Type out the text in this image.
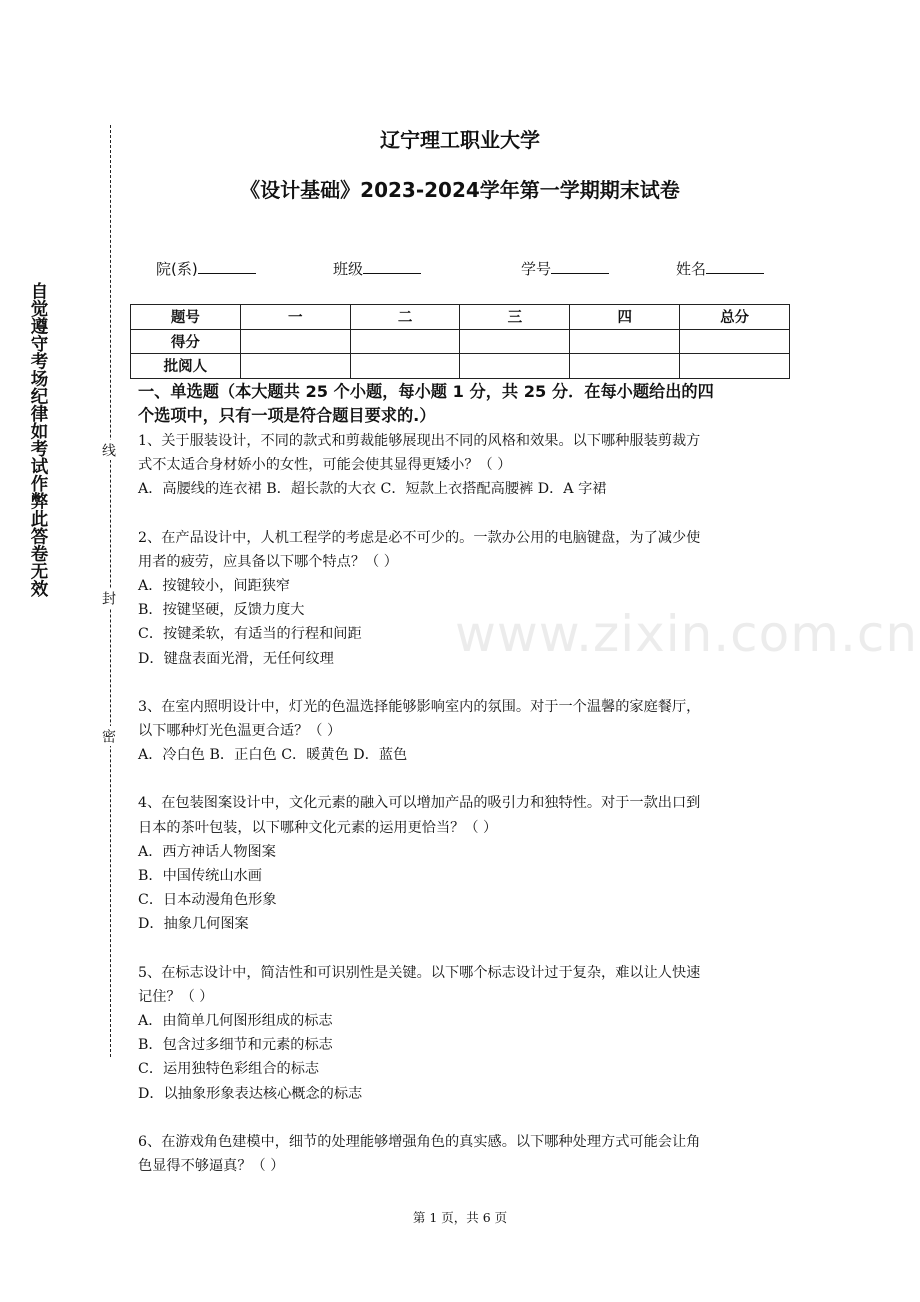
自觉遵守考场纪律如考试作弊此答卷无效	线
封
密
辽宁理工职业大学
《设计基础》2023-2024学年第一学期期末试卷
院(系)	班级	学号	姓名
题号	一	二	三	四	总分
得分					
批阅人					
www.zixin.com.cn

一、单选题（本大题共 25 个小题，每小题 1 分，共 25 分．在每小题给出的四

个选项中，只有一项是符合题目要求的.）

1、关于服装设计，不同的款式和剪裁能够展现出不同的风格和效果。以下哪种服装剪裁方

式不太适合身材娇小的女性，可能会使其显得更矮小？（ ）

A．高腰线的连衣裙 B．超长款的大衣 C．短款上衣搭配高腰裤 D．A 字裙

2、在产品设计中，人机工程学的考虑是必不可少的。一款办公用的电脑键盘，为了减少使

用者的疲劳，应具备以下哪个特点？（ ）

A．按键较小，间距狭窄

B．按键坚硬，反馈力度大

C．按键柔软，有适当的行程和间距

D．键盘表面光滑，无任何纹理

3、在室内照明设计中，灯光的色温选择能够影响室内的氛围。对于一个温馨的家庭餐厅，

以下哪种灯光色温更合适？（ ）

A．冷白色 B．正白色 C．暖黄色 D．蓝色

4、在包装图案设计中，文化元素的融入可以增加产品的吸引力和独特性。对于一款出口到

日本的茶叶包装，以下哪种文化元素的运用更恰当？（ ）

A．西方神话人物图案

B．中国传统山水画

C．日本动漫角色形象

D．抽象几何图案

5、在标志设计中，简洁性和可识别性是关键。以下哪个标志设计过于复杂，难以让人快速

记住？（ ）

A．由简单几何图形组成的标志

B．包含过多细节和元素的标志

C．运用独特色彩组合的标志

D．以抽象形象表达核心概念的标志

6、在游戏角色建模中，细节的处理能够增强角色的真实感。以下哪种处理方式可能会让角

色显得不够逼真？（ ）

第 1 页，共 6 页
